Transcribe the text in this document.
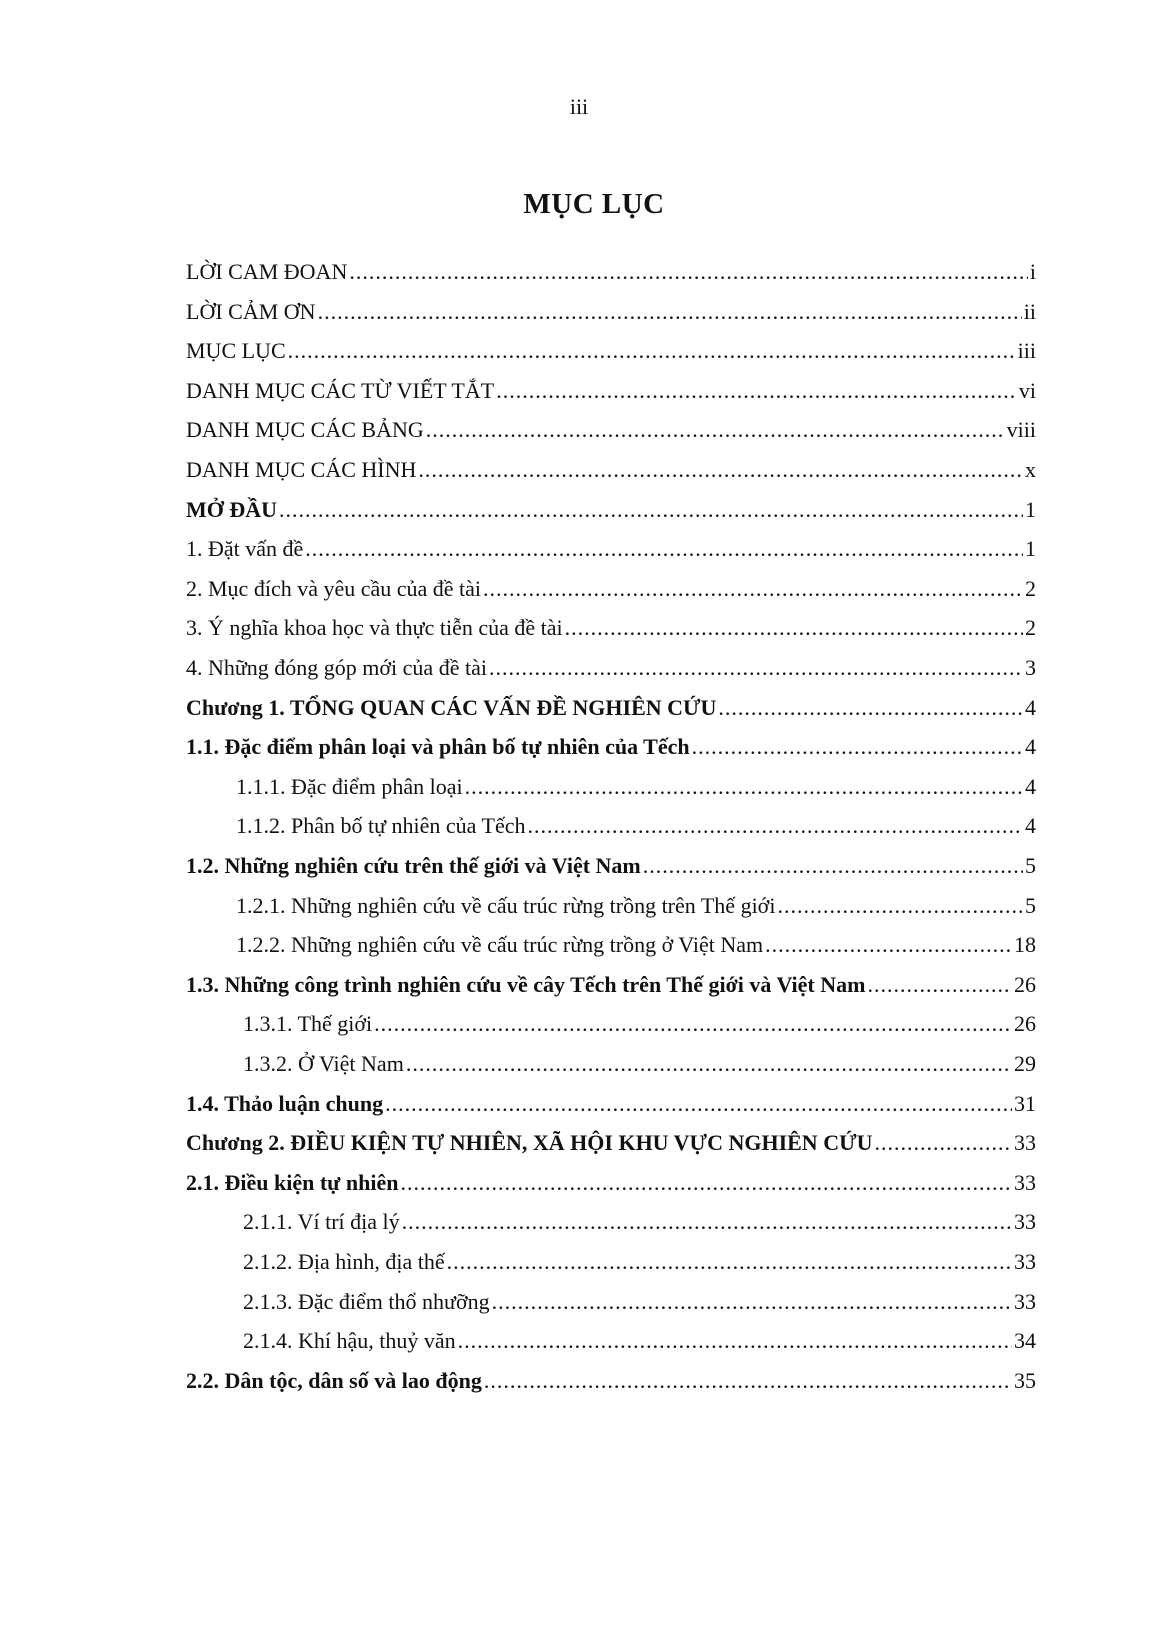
iii
MỤC LỤC
LỜI CAM ĐOAN .....	i
LỜI CẢM ƠN .....	ii
MỤC LỤC .....	iii
DANH MỤC CÁC TỪ VIẾT TẮT .....	vi
DANH MỤC CÁC BẢNG .....	viii
DANH MỤC CÁC HÌNH .....	x
MỞ ĐẦU .....	1
1. Đặt vấn đề .....	1
2. Mục đích và yêu cầu của đề tài .....	2
3. Ý nghĩa khoa học và thực tiễn của đề tài .....	2
4. Những đóng góp mới của đề tài .....	3
Chương 1. TỔNG QUAN CÁC VẤN ĐỀ NGHIÊN CỨU .....	4
1.1. Đặc điểm phân loại và phân bố tự nhiên của Tếch .....	4
1.1.1. Đặc điểm phân loại .....	4
1.1.2. Phân bố tự nhiên của Tếch .....	4
1.2. Những nghiên cứu trên thế giới và Việt Nam .....	5
1.2.1. Những nghiên cứu về cấu trúc rừng trồng trên Thế giới .....	5
1.2.2. Những nghiên cứu về cấu trúc rừng trồng ở Việt Nam .....	18
1.3. Những công trình nghiên cứu về cây Tếch trên Thế giới và Việt Nam .....	26
1.3.1. Thế giới .....	26
1.3.2. Ở Việt Nam .....	29
1.4. Thảo luận chung .....	31
Chương 2. ĐIỀU KIỆN TỰ NHIÊN, XÃ HỘI KHU VỰC NGHIÊN CỨU .....	33
2.1. Điều kiện tự nhiên .....	33
2.1.1. Ví trí địa lý .....	33
2.1.2. Địa hình, địa thế .....	33
2.1.3. Đặc điểm thổ nhưỡng .....	33
2.1.4. Khí hậu, thuỷ văn .....	34
2.2. Dân tộc, dân số và lao động .....	35
